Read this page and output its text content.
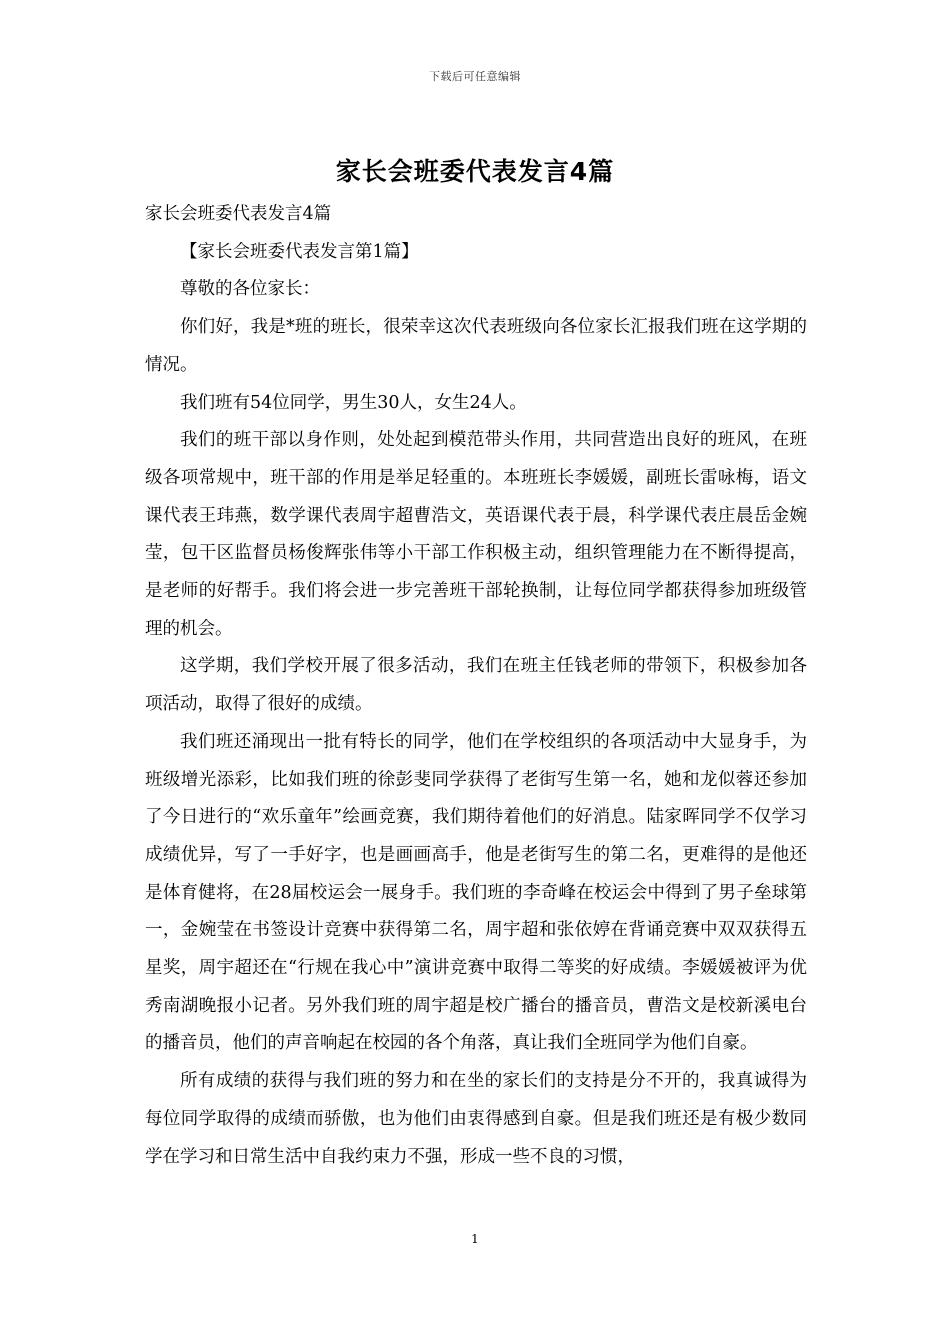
下载后可任意编辑
家长会班委代表发言4篇

家长会班委代表发言4篇

【家长会班委代表发言第1篇】

尊敬的各位家长：

你们好，我是*班的班长，很荣幸这次代表班级向各位家长汇报我们班在这学期的情况。

我们班有54位同学，男生30人，女生24人。

我们的班干部以身作则，处处起到模范带头作用，共同营造出良好的班风，在班级各项常规中，班干部的作用是举足轻重的。本班班长李媛媛，副班长雷咏梅，语文课代表王玮燕，数学课代表周宇超曹浩文，英语课代表于晨，科学课代表庄晨岳金婉莹，包干区监督员杨俊辉张伟等小干部工作积极主动，组织管理能力在不断得提高，是老师的好帮手。我们将会进一步完善班干部轮换制，让每位同学都获得参加班级管理的机会。

这学期，我们学校开展了很多活动，我们在班主任钱老师的带领下，积极参加各项活动，取得了很好的成绩。

我们班还涌现出一批有特长的同学，他们在学校组织的各项活动中大显身手，为班级增光添彩，比如我们班的徐彭斐同学获得了老街写生第一名，她和龙似蓉还参加了今日进行的“欢乐童年”绘画竞赛，我们期待着他们的好消息。陆家晖同学不仅学习成绩优异，写了一手好字，也是画画高手，他是老街写生的第二名，更难得的是他还是体育健将，在28届校运会一展身手。我们班的李奇峰在校运会中得到了男子垒球第一，金婉莹在书签设计竞赛中获得第二名，周宇超和张依婷在背诵竞赛中双双获得五星奖，周宇超还在“行规在我心中”演讲竞赛中取得二等奖的好成绩。李媛媛被评为优秀南湖晚报小记者。另外我们班的周宇超是校广播台的播音员，曹浩文是校新溪电台的播音员，他们的声音响起在校园的各个角落，真让我们全班同学为他们自豪。

所有成绩的获得与我们班的努力和在坐的家长们的支持是分不开的，我真诚得为每位同学取得的成绩而骄傲，也为他们由衷得感到自豪。但是我们班还是有极少数同学在学习和日常生活中自我约束力不强，形成一些不良的习惯，

1
